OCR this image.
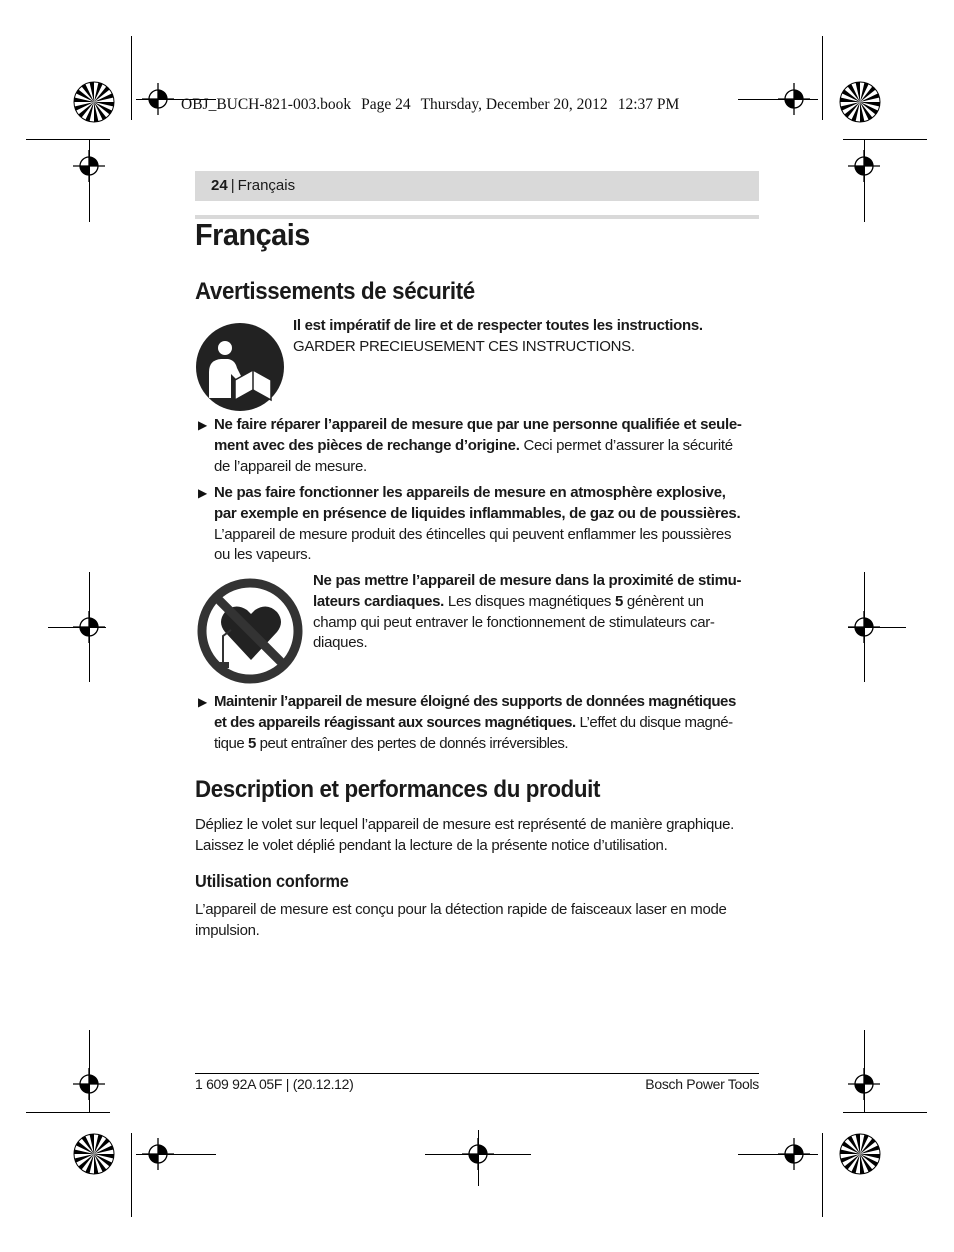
OBJ_BUCH-821-003.book Page 24 Thursday, December 20, 2012 12:37 PM
24 | Français
Français
Avertissements de sécurité
Il est impératif de lire et de respecter toutes les instructions.
GARDER PRECIEUSEMENT CES INSTRUCTIONS.
▶ Ne faire réparer l’appareil de mesure que par une personne qualifiée et seule-
ment avec des pièces de rechange d’origine. Ceci permet d’assurer la sécurité
de l’appareil de mesure.
▶ Ne pas faire fonctionner les appareils de mesure en atmosphère explosive,
par exemple en présence de liquides inflammables, de gaz ou de poussières.
L’appareil de mesure produit des étincelles qui peuvent enflammer les poussières
ou les vapeurs.
Ne pas mettre l’appareil de mesure dans la proximité de stimu-
lateurs cardiaques. Les disques magnétiques 5 génèrent un
champ qui peut entraver le fonctionnement de stimulateurs car-
diaques.
▶ Maintenir l’appareil de mesure éloigné des supports de données magnétiques
et des appareils réagissant aux sources magnétiques. L’effet du disque magné-
tique 5 peut entraîner des pertes de donnés irréversibles.
Description et performances du produit
Dépliez le volet sur lequel l’appareil de mesure est représenté de manière graphique.
Laissez le volet déplié pendant la lecture de la présente notice d’utilisation.
Utilisation conforme
L’appareil de mesure est conçu pour la détection rapide de faisceaux laser en mode
impulsion.
1 609 92A 05F | (20.12.12)	Bosch Power Tools
